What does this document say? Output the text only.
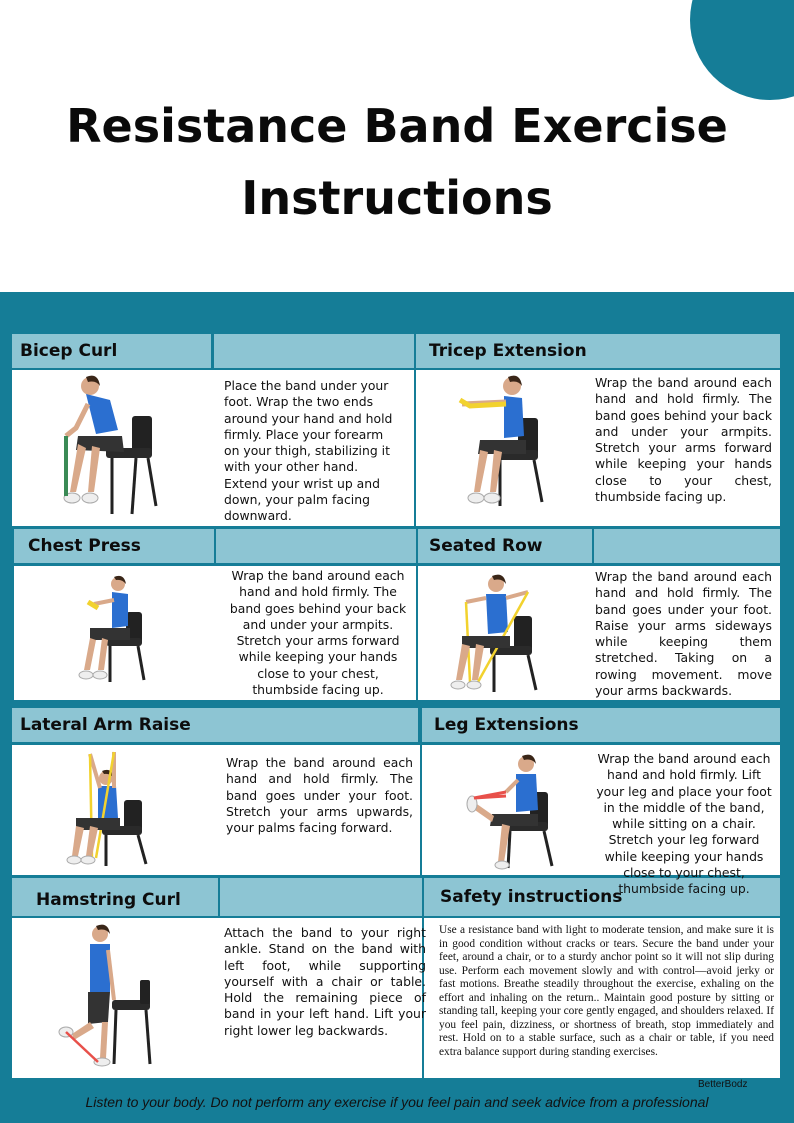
Resistance Band Exercise
Instructions
Bicep Curl	Tricep Extension
Chest Press	Seated Row
Lateral Arm Raise	Leg Extensions
Hamstring Curl	Safety instructions
Place the band under your foot. Wrap the two ends around your hand and hold firmly. Place your forearm on your thigh, stabilizing it with your other hand. Extend your wrist up and down, your palm facing downward.
Wrap the band around each hand and hold firmly. The band goes behind your back and under your armpits. Stretch your arms forward while keeping your hands close to your chest, thumbside facing up.
Wrap the band around each hand and hold firmly. The band goes behind your back and under your armpits. Stretch your arms forward while keeping your hands close to your chest, thumbside facing up.
Wrap the band around each hand and hold firmly. The band goes under your foot. Raise your arms sideways while keeping them stretched. Taking on a rowing movement. move your arms backwards.
Wrap the band around each hand and hold firmly. The band goes under your foot. Stretch your arms upwards, your palms facing forward.
Wrap the band around each hand and hold firmly. Lift your leg and place your foot in the middle of the band, while sitting on a chair. Stretch your leg forward while keeping your hands close to your chest, thumbside facing up.
Attach the band to your right ankle. Stand on the band with left foot, while supporting yourself with a chair or table. Hold the remaining piece of band in your left hand. Lift your right lower leg backwards.
Use a resistance band with light to moderate tension, and make sure it is in good condition without cracks or tears. Secure the band under your feet, around a chair, or to a sturdy anchor point so it will not slip during use. Perform each movement slowly and with control—avoid jerky or fast motions. Breathe steadily throughout the exercise, exhaling on the effort and inhaling on the return.. Maintain good posture by sitting or standing tall, keeping your core gently engaged, and shoulders relaxed. If you feel pain, dizziness, or shortness of breath, stop immediately and rest. Hold on to a stable surface, such as a chair or table, if you need extra balance support during standing exercises.
BetterBodz
Listen to your body. Do not perform any exercise if you feel pain and seek advice from a professional
